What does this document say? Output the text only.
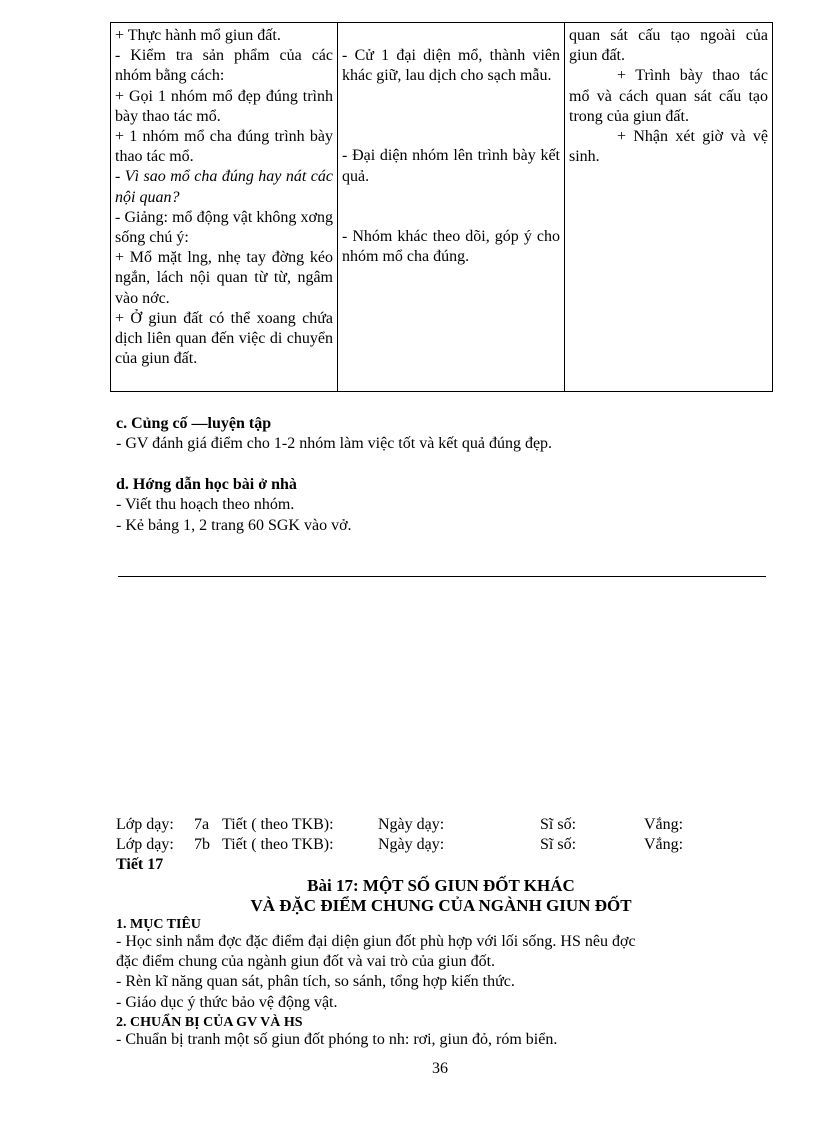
+ Thực hành mổ giun đất.
- Kiểm tra sản phẩm của các nhóm bằng cách:
+ Gọi 1 nhóm mổ đẹp đúng trình bày thao tác mổ.
+ 1 nhóm mổ cha đúng trình bày thao tác mổ.
- Vì sao mổ cha đúng hay nát các nội quan?
- Giảng: mổ động vật không xơng sống chú ý:
+ Mổ mặt lng, nhẹ tay đờng kéo ngắn, lách nội quan từ từ, ngâm vào nớc.
+ Ở giun đất có thể xoang chứa dịch liên quan đến việc di chuyển của giun đất.

- Cử 1 đại diện mổ, thành viên khác giữ, lau dịch cho sạch mẫu.
- Đại diện nhóm lên trình bày kết quả.
- Nhóm khác theo dõi, góp ý cho nhóm mổ cha đúng.

quan sát cấu tạo ngoài của giun đất.
+ Trình bày thao tác mổ và cách quan sát cấu tạo trong của giun đất.
+ Nhận xét giờ và vệ sinh.
c. Củng cố —luyện tập
- GV đánh giá điểm cho 1-2 nhóm làm việc tốt và kết quả đúng đẹp.
d. Hớng dẫn học bài ở nhà
- Viết thu hoạch theo nhóm.
- Kẻ bảng 1, 2 trang 60 SGK vào vở.
Lớp dạy: 7a Tiết ( theo TKB):	Ngày dạy:	Sĩ số:	Vắng:
Lớp dạy: 7b Tiết ( theo TKB):	Ngày dạy:	Sĩ số:	Vắng:
Tiết 17
Bài 17: MỘT SỐ GIUN ĐỐT KHÁC
VÀ ĐẶC ĐIỂM CHUNG CỦA NGÀNH GIUN ĐỐT
1. MỤC TIÊU
- Học sinh nắm đợc đặc điểm đại diện giun đốt phù hợp với lối sống. HS nêu đợc
đặc điểm chung của ngành giun đốt và vai trò của giun đốt.
- Rèn kĩ năng quan sát, phân tích, so sánh, tổng hợp kiến thức.
- Giáo dục ý thức bảo vệ động vật.
2. CHUẨN BỊ CỦA GV VÀ HS
- Chuẩn bị tranh một số giun đốt phóng to nh: rơi, giun đỏ, róm biển.
36
